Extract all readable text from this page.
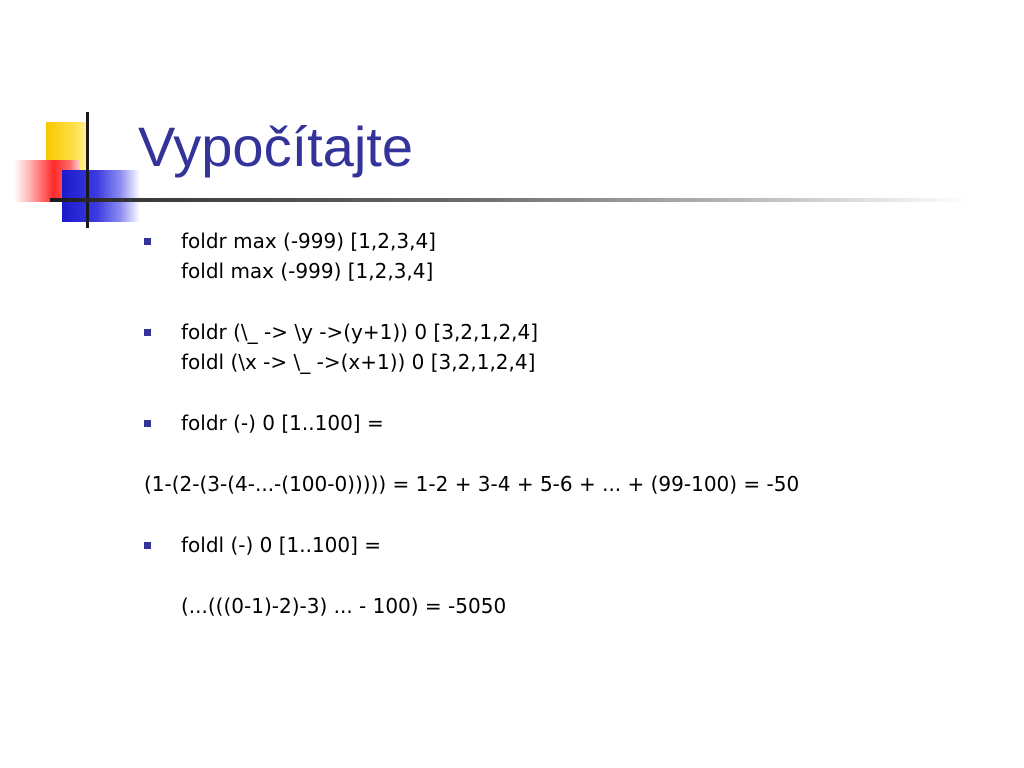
Vypočítajte
foldr max (-999) [1,2,3,4]
foldl max (-999) [1,2,3,4]
foldr (\_ -> \y ->(y+1)) 0 [3,2,1,2,4]
foldl (\x -> \_ ->(x+1)) 0 [3,2,1,2,4]
foldr (-) 0 [1..100] =
(1-(2-(3-(4-...-(100-0))))) = 1-2 + 3-4 + 5-6 + ... + (99-100) = -50
foldl (-) 0 [1..100] =
(...(((0-1)-2)-3) ... - 100) = -5050
